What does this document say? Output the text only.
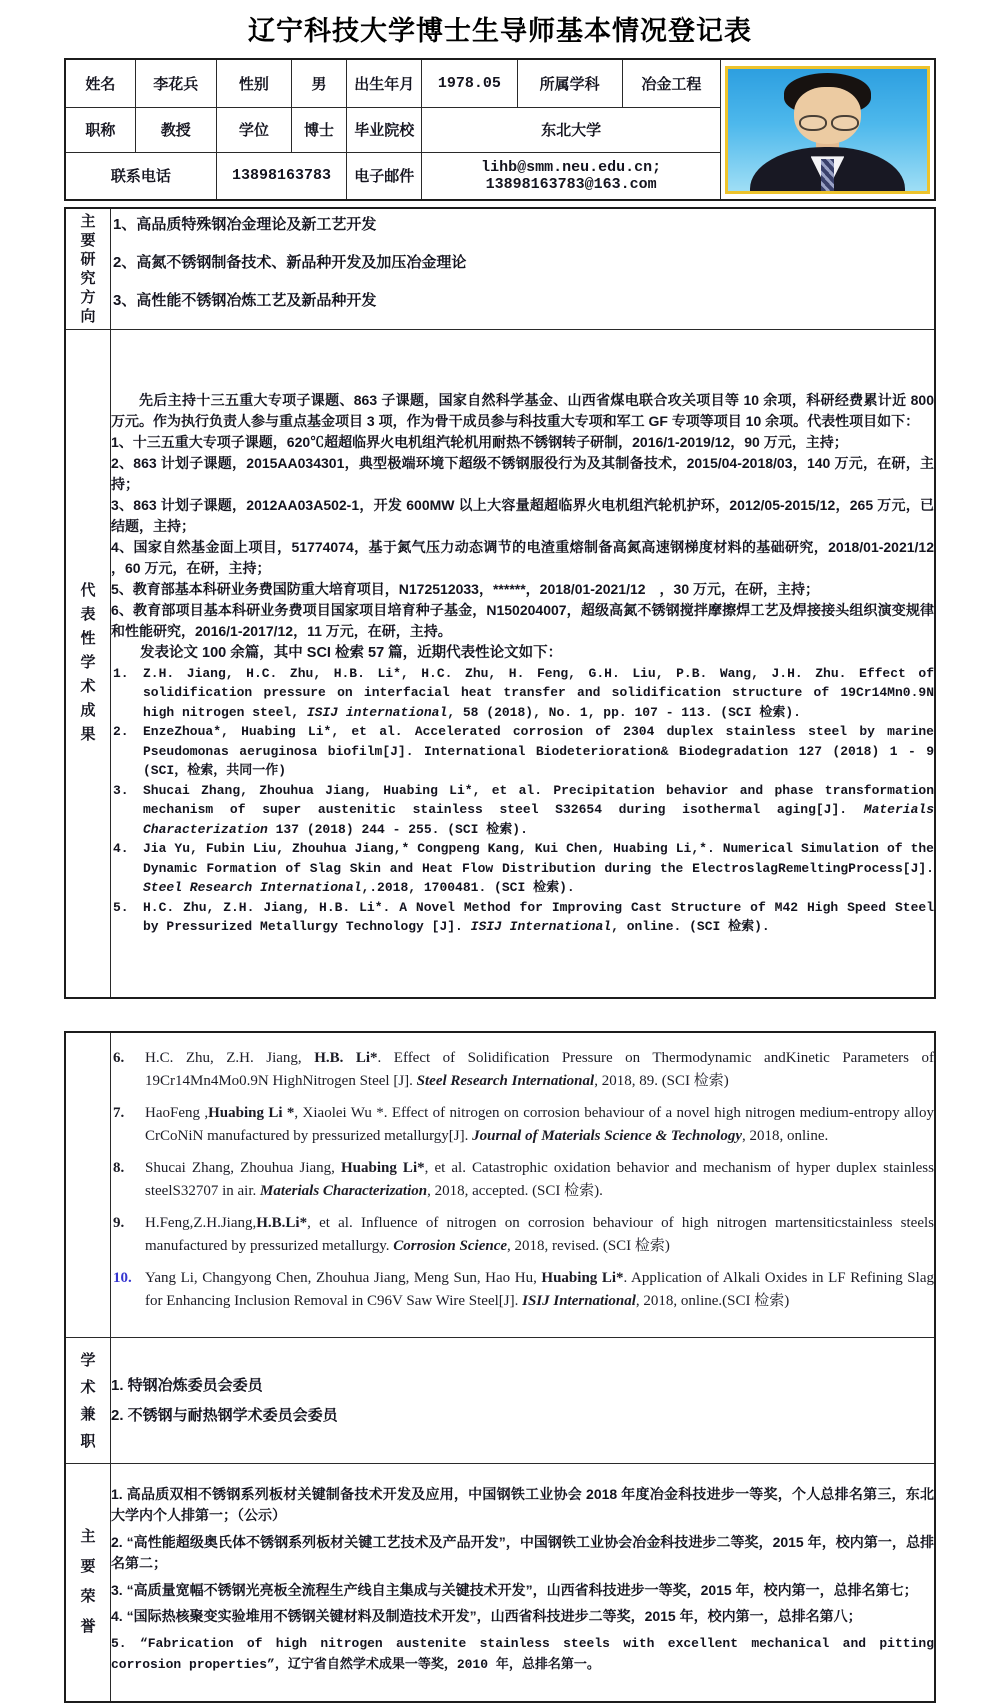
辽宁科技大学博士生导师基本情况登记表
姓名	李花兵	性别	男	出生年月	1978.05	所属学科	冶金工程	

职称	教授	学位	博士	毕业院校	东北大学			
联系电话		13898163783		电子邮件	lihb@smm.neu.edu.cn;
13898163783@163.com			
主要研究方向	1、高品质特殊钢冶金理论及新工艺开发
2、高氮不锈钢制备技术、新品种开发及加压冶金理论
3、高性能不锈钢冶炼工艺及新品种开发

代表性学术成果

先后主持十三五重大专项子课题、863 子课题，国家自然科学基金、山西省煤电联合攻关项目等 10 余项，科研经费累计近 800 万元。作为执行负责人参与重点基金项目 3 项，作为骨干成员参与科技重大专项和军工 GF 专项等项目 10 余项。代表性项目如下：
1、十三五重大专项子课题，620℃超超临界火电机组汽轮机用耐热不锈钢转子研制，2016/1-2019/12，90 万元，主持；
2、863 计划子课题，2015AA034301，典型极端环境下超级不锈钢服役行为及其制备技术，2015/04-2018/03，140 万元，在研，主持；
3、863 计划子课题，2012AA03A502-1，开发 600MW 以上大容量超超临界火电机组汽轮机护环，2012/05-2015/12，265 万元，已结题，主持；
4、国家自然基金面上项目，51774074，基于氮气压力动态调节的电渣重熔制备高氮高速钢梯度材料的基础研究，2018/01-2021/12 ，60 万元，在研，主持；
5、教育部基本科研业务费国防重大培育项目，N172512033，******，2018/01-2021/12　，30 万元，在研，主持；
6、教育部项目基本科研业务费项目国家项目培育种子基金，N150204007，超级高氮不锈钢搅拌摩擦焊工艺及焊接接头组织演变规律和性能研究，2016/1-2017/12，11 万元，在研，主持。
发表论文 100 余篇，其中 SCI 检索 57 篇，近期代表性论文如下：
1. Z.H. Jiang, H.C. Zhu, H.B. Li*, H.C. Zhu, H. Feng, G.H. Liu, P.B. Wang, J.H. Zhu. Effect of solidification pressure on interfacial heat transfer and solidification structure of 19Cr14Mn0.9N high nitrogen steel, ISIJ international, 58 (2018), No. 1, pp. 107 - 113. (SCI 检索).
2. EnzeZhoua*, Huabing Li*, et al. Accelerated corrosion of 2304 duplex stainless steel by marine Pseudomonas aeruginosa biofilm[J]. International Biodeterioration& Biodegradation 127 (2018) 1 - 9 (SCI，检索，共同一作)
3. Shucai Zhang, Zhouhua Jiang, Huabing Li*, et al. Precipitation behavior and phase transformation mechanism of super austenitic stainless steel S32654 during isothermal aging[J]. Materials Characterization 137 (2018) 244 - 255. (SCI 检索).
4. Jia Yu, Fubin Liu, Zhouhua Jiang,* Congpeng Kang, Kui Chen, Huabing Li,*. Numerical Simulation of the Dynamic Formation of Slag Skin and Heat Flow Distribution during the ElectroslagRemeltingProcess[J]. Steel Research International,.2018, 1700481. (SCI 检索).
5. H.C. Zhu, Z.H. Jiang, H.B. Li*. A Novel Method for Improving Cast Structure of M42 High Speed Steel by Pressurized Metallurgy Technology [J]. ISIJ International, online. (SCI 检索).

6. H.C. Zhu, Z.H. Jiang, H.B. Li*. Effect of Solidification Pressure on Thermodynamic andKinetic Parameters of 19Cr14Mn4Mo0.9N HighNitrogen Steel [J]. Steel Research International, 2018, 89. (SCI 检索)
7. HaoFeng ,Huabing Li *, Xiaolei Wu *. Effect of nitrogen on corrosion behaviour of a novel high nitrogen medium-entropy alloy CrCoNiN manufactured by pressurized metallurgy[J]. Journal of Materials Science & Technology, 2018, online.
8. Shucai Zhang, Zhouhua Jiang, Huabing Li*, et al. Catastrophic oxidation behavior and mechanism of hyper duplex stainless steelS32707 in air. Materials Characterization, 2018, accepted. (SCI 检索).
9. H.Feng,Z.H.Jiang,H.B.Li*, et al. Influence of nitrogen on corrosion behaviour of high nitrogen martensiticstainless steels manufactured by pressurized metallurgy. Corrosion Science, 2018, revised. (SCI 检索)
10. Yang Li, Changyong Chen, Zhouhua Jiang, Meng Sun, Hao Hu, Huabing Li*. Application of Alkali Oxides in LF Refining Slag for Enhancing Inclusion Removal in C96V Saw Wire Steel[J]. ISIJ International, 2018, online.(SCI 检索)

学术兼职	1. 特钢冶炼委员会委员
2. 不锈钢与耐热钢学术委员会委员

主要荣誉	1. 高品质双相不锈钢系列板材关键制备技术开发及应用，中国钢铁工业协会 2018 年度冶金科技进步一等奖，个人总排名第三，东北大学内个人排第一；（公示）
2. “高性能超级奥氏体不锈钢系列板材关键工艺技术及产品开发”，中国钢铁工业协会冶金科技进步二等奖，2015 年，校内第一，总排名第二；
3. “高质量宽幅不锈钢光亮板全流程生产线自主集成与关键技术开发”，山西省科技进步一等奖，2015 年，校内第一，总排名第七；
4. “国际热核聚变实验堆用不锈钢关键材料及制造技术开发”，山西省科技进步二等奖，2015 年，校内第一，总排名第八；
5. “Fabrication of high nitrogen austenite stainless steels with excellent mechanical and pitting corrosion properties”，辽宁省自然学术成果一等奖，2010 年，总排名第一。
